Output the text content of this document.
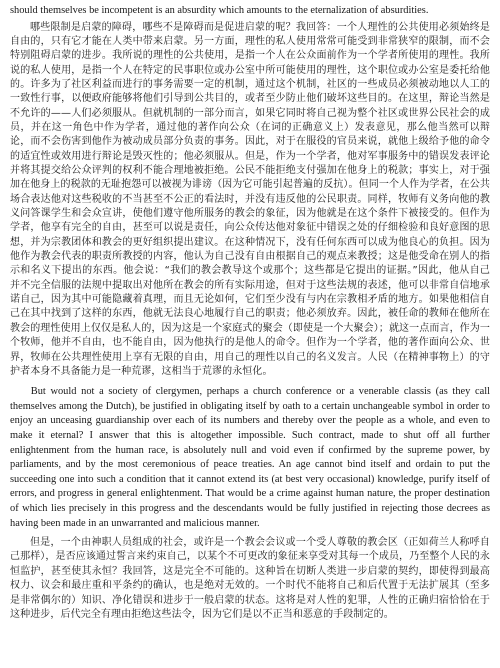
should themselves be incompetent is an absurdity which amounts to the eternalization of absurdities.

哪些限制是启蒙的障碍，哪些不是障碍而是促进启蒙的呢？我回答：一个人理性的公共使用必须始终是自由的，只有它才能在人类中带来启蒙。另一方面，理性的私人使用常常可能受到非常狭窄的限制，而不会特别阻碍启蒙的进步。我所说的理性的公共使用，是指一个人在公众面前作为一个学者所使用的理性。我所说的私人使用，是指一个人在特定的民事职位或办公室中所可能使用的理性，这个职位或办公室是委托给他的。许多为了社区利益而进行的事务需要一定的机制，通过这个机制，社区的一些成员必须被动地以人工的一致性行事，以便政府能够将他们引导到公共目的，或者至少防止他们破坏这些目的。在这里，辩论当然是不允许的——人们必须服从。但就机制的一部分而言，如果它同时将自己视为整个社区或世界公民社会的成员，并在这一角色中作为学者，通过他的著作向公众（在词的正确意义上）发表意见，那么他当然可以辩论，而不会伤害到他作为被动成员部分负责的事务。因此，对于在服役的官员来说，就他上级给予他的命令的适宜性或效用进行辩论是毁灭性的；他必须服从。但是，作为一个学者，他对军事服务中的错误发表评论并将其提交给公众评判的权利不能合理地被拒绝。公民不能拒绝支付强加在他身上的税款；事实上，对于强加在他身上的税款的无耻抱怨可以被视为诽谤（因为它可能引起普遍的反抗）。但同一个人作为学者，在公共场合表达他对这些税收的不当甚至不公正的看法时，并没有违反他的公民职责。同样，牧师有义务向他的教义问答课学生和会众宣讲，使他们遵守他所服务的教会的象征，因为他就是在这个条件下被接受的。但作为学者，他享有完全的自由，甚至可以说是责任，向公众传达他对象征中错误之处的仔细检验和良好意图的思想，并为宗教团体和教会的更好组织提出建议。在这种情况下，没有任何东西可以成为他良心的负担。因为他作为教会代表的职责所教授的内容，他认为自己没有自由根据自己的观点来教授；这是他受命在别人的指示和名义下提出的东西。他会说：“我们的教会教导这个或那个；这些都是它提出的证据。”因此，他从自己并不完全信服的法规中提取出对他所在教会的所有实际用途，但对于这些法规的表述，他可以非常自信地承诺自己，因为其中可能隐藏着真理，而且无论如何，它们至少没有与内在宗教相矛盾的地方。如果他相信自己在其中找到了这样的东西，他就无法良心地履行自己的职责；他必须放弃。因此，被任命的教师在他所在教会的理性使用上仅仅是私人的，因为这是一个家庭式的聚会（即使是一个大聚会）；就这一点而言，作为一个牧师，他并不自由，也不能自由，因为他执行的是他人的命令。但作为一个学者，他的著作面向公众、世界，牧师在公共理性使用上享有无限的自由，用自己的理性以自己的名义发言。人民（在精神事物上）的守护者本身不具备能力是一种荒谬，这相当于荒谬的永恒化。

But would not a society of clergymen, perhaps a church conference or a venerable classis (as they call themselves among the Dutch), be justified in obligating itself by oath to a certain unchangeable symbol in order to enjoy an unceasing guardianship over each of its numbers and thereby over the people as a whole, and even to make it eternal? I answer that this is altogether impossible. Such contract, made to shut off all further enlightenment from the human race, is absolutely null and void even if confirmed by the supreme power, by parliaments, and by the most ceremonious of peace treaties. An age cannot bind itself and ordain to put the succeeding one into such a condition that it cannot extend its (at best very occasional) knowledge, purify itself of errors, and progress in general enlightenment. That would be a crime against human nature, the proper destination of which lies precisely in this progress and the descendants would be fully justified in rejecting those decrees as having been made in an unwarranted and malicious manner.

但是，一个由神职人员组成的社会，或许是一个教会会议或一个受人尊敬的教会区（正如荷兰人称呼自己那样），是否应该通过誓言来约束自己，以某个不可更改的象征来享受对其每一个成员，乃至整个人民的永恒监护，甚至使其永恒？我回答，这是完全不可能的。这种旨在切断人类进一步启蒙的契约，即使得到最高权力、议会和最庄重和平条约的确认，也是绝对无效的。一个时代不能将自己和后代置于无法扩展其（至多是非常偶尔的）知识、净化错误和进步于一般启蒙的状态。这将是对人性的犯罪，人性的正确归宿恰恰在于这种进步，后代完全有理由拒绝这些法令，因为它们是以不正当和恶意的手段制定的。
